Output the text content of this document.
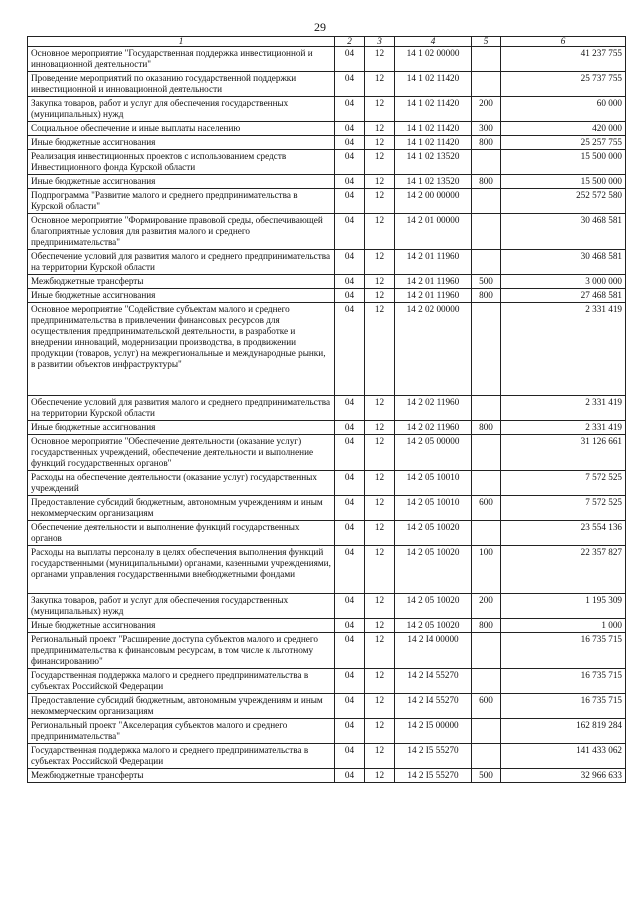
29
1	2	3	4	5	6
Основное мероприятие "Государственная поддержка инвестиционной и инновационной деятельности"	04	12	14 1 02 00000		41 237 755
Проведение мероприятий по оказанию государственной поддержки инвестиционной и инновационной деятельности	04	12	14 1 02 11420		25 737 755
Закупка товаров, работ и услуг для обеспечения государственных (муниципальных) нужд	04	12	14 1 02 11420	200	60 000
Социальное обеспечение и иные выплаты населению	04	12	14 1 02 11420	300	420 000
Иные бюджетные ассигнования	04	12	14 1 02 11420	800	25 257 755
Реализация инвестиционных проектов с использованием средств Инвестиционного фонда Курской области	04	12	14 1 02 13520		15 500 000
Иные бюджетные ассигнования	04	12	14 1 02 13520	800	15 500 000
Подпрограмма "Развитие малого и среднего предпринимательства в Курской области"	04	12	14 2 00 00000		252 572 580
Основное мероприятие "Формирование правовой среды, обеспечивающей благоприятные условия для развития малого и среднего предпринимательства"	04	12	14 2 01 00000		30 468 581
Обеспечение условий для развития малого и среднего предпринимательства на территории Курской области	04	12	14 2 01 11960		30 468 581
Межбюджетные трансферты	04	12	14 2 01 11960	500	3 000 000
Иные бюджетные ассигнования	04	12	14 2 01 11960	800	27 468 581
Основное мероприятие "Содействие субъектам малого и среднего предпринимательства в привлечении финансовых ресурсов для осуществления предпринимательской деятельности, в разработке и внедрении инноваций, модернизации производства, в продвижении продукции (товаров, услуг) на межрегиональные и международные рынки, в развитии объектов инфраструктуры"	04	12	14 2 02 00000		2 331 419
Обеспечение условий для развития малого и среднего предпринимательства на территории Курской области	04	12	14 2 02 11960		2 331 419
Иные бюджетные ассигнования	04	12	14 2 02 11960	800	2 331 419
Основное мероприятие "Обеспечение деятельности (оказание услуг) государственных учреждений, обеспечение деятельности и выполнение функций государственных органов"	04	12	14 2 05 00000		31 126 661
Расходы на обеспечение деятельности (оказание услуг) государственных учреждений	04	12	14 2 05 10010		7 572 525
Предоставление субсидий бюджетным, автономным учреждениям и иным некоммерческим организациям	04	12	14 2 05 10010	600	7 572 525
Обеспечение деятельности и выполнение функций государственных органов	04	12	14 2 05 10020		23 554 136
Расходы на выплаты персоналу в целях обеспечения выполнения функций государственными (муниципальными) органами, казенными учреждениями, органами управления государственными внебюджетными фондами	04	12	14 2 05 10020	100	22 357 827
Закупка товаров, работ и услуг для обеспечения государственных (муниципальных) нужд	04	12	14 2 05 10020	200	1 195 309
Иные бюджетные ассигнования	04	12	14 2 05 10020	800	1 000
Региональный проект "Расширение доступа субъектов малого и среднего предпринимательства к финансовым ресурсам, в том числе к льготному финансированию"	04	12	14 2 I4 00000		16 735 715
Государственная поддержка малого и среднего предпринимательства в субъектах Российской Федерации	04	12	14 2 I4 55270		16 735 715
Предоставление субсидий бюджетным, автономным учреждениям и иным некоммерческим организациям	04	12	14 2 I4 55270	600	16 735 715
Региональный проект "Акселерация субъектов малого и среднего предпринимательства"	04	12	14 2 I5 00000		162 819 284
Государственная поддержка малого и среднего предпринимательства в субъектах Российской Федерации	04	12	14 2 I5 55270		141 433 062
Межбюджетные трансферты	04	12	14 2 I5 55270	500	32 966 633
